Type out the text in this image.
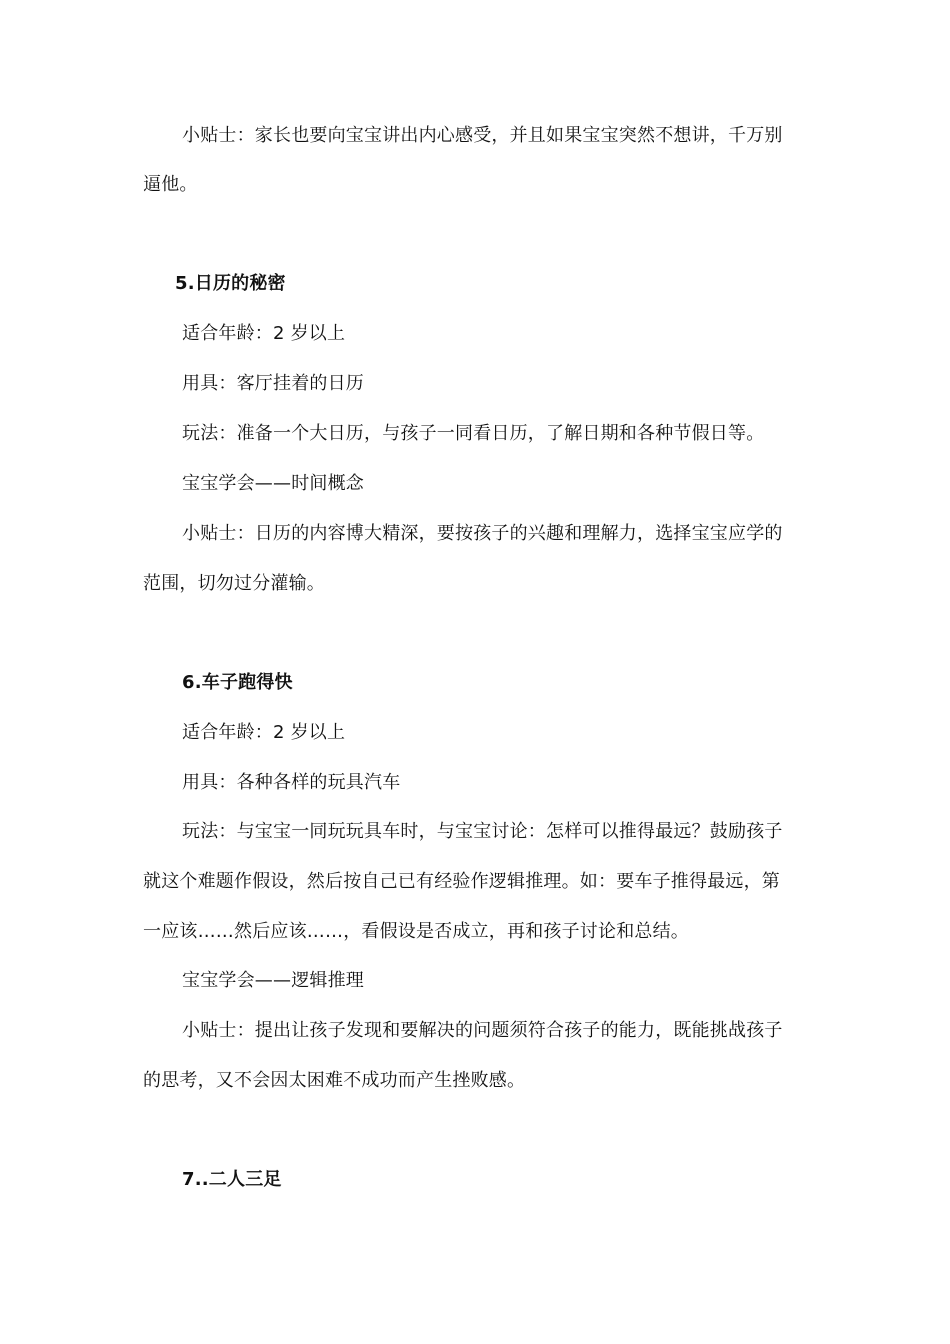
小贴士：家长也要向宝宝讲出内心感受，并且如果宝宝突然不想讲，千万别
逼他。
5.日历的秘密
适合年龄：2 岁以上
用具：客厅挂着的日历
玩法：准备一个大日历，与孩子一同看日历，了解日期和各种节假日等。
宝宝学会——时间概念
小贴士：日历的内容博大精深，要按孩子的兴趣和理解力，选择宝宝应学的
范围，切勿过分灌输。
6.车子跑得快
适合年龄：2 岁以上
用具：各种各样的玩具汽车
玩法：与宝宝一同玩玩具车时，与宝宝讨论：怎样可以推得最远？鼓励孩子
就这个难题作假设，然后按自己已有经验作逻辑推理。如：要车子推得最远，第
一应该……然后应该……，看假设是否成立，再和孩子讨论和总结。
宝宝学会——逻辑推理
小贴士：提出让孩子发现和要解决的问题须符合孩子的能力，既能挑战孩子
的思考，又不会因太困难不成功而产生挫败感。
7..二人三足
